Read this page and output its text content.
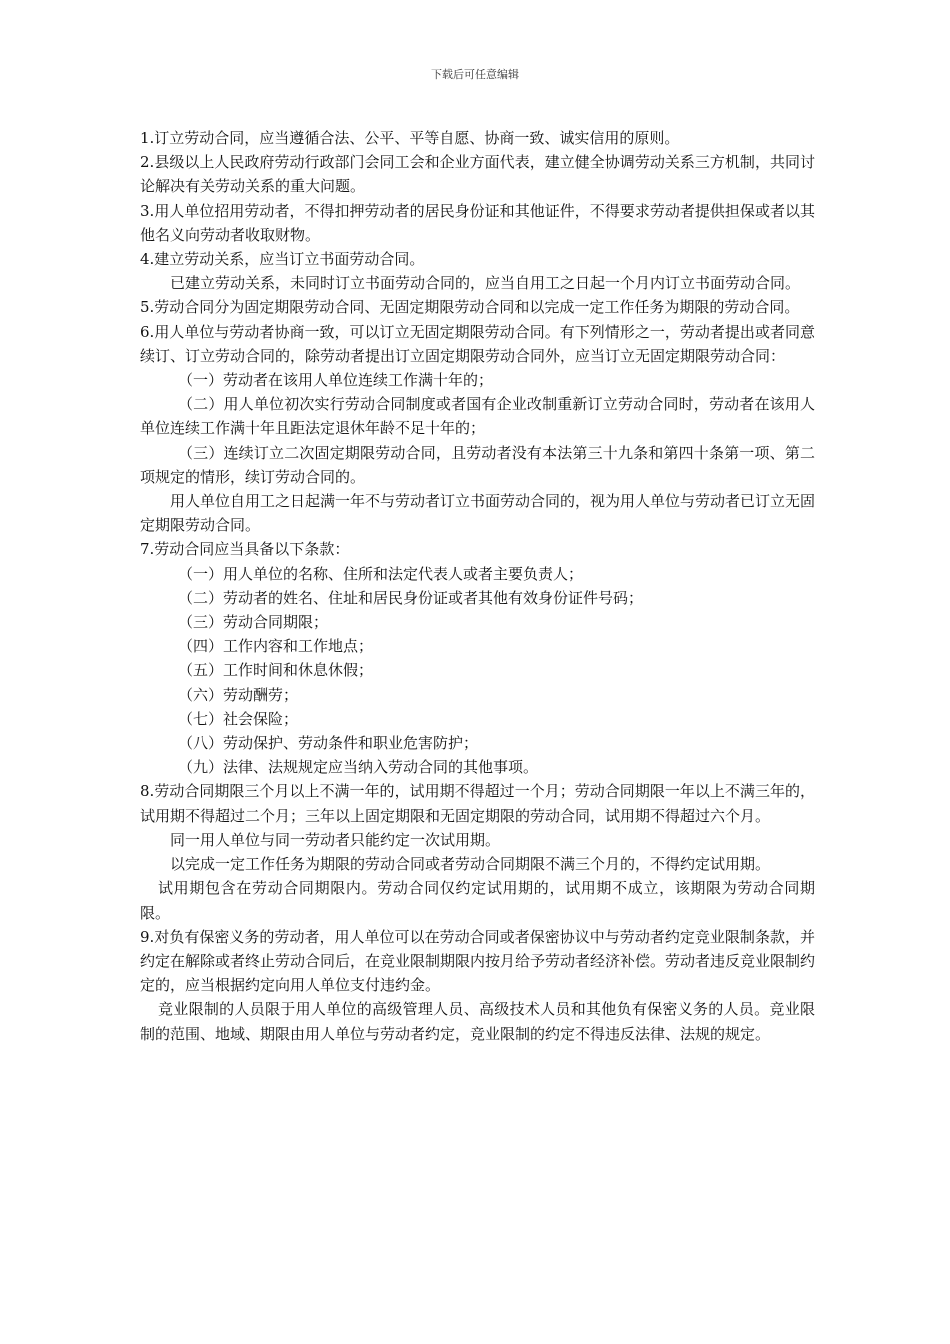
下载后可任意编辑

1.订立劳动合同，应当遵循合法、公平、平等自愿、协商一致、诚实信用的原则。

2.县级以上人民政府劳动行政部门会同工会和企业方面代表，建立健全协调劳动关系三方机制，共同讨论解决有关劳动关系的重大问题。

3.用人单位招用劳动者，不得扣押劳动者的居民身份证和其他证件，不得要求劳动者提供担保或者以其他名义向劳动者收取财物。

4.建立劳动关系，应当订立书面劳动合同。

已建立劳动关系，未同时订立书面劳动合同的，应当自用工之日起一个月内订立书面劳动合同。

5.劳动合同分为固定期限劳动合同、无固定期限劳动合同和以完成一定工作任务为期限的劳动合同。

6.用人单位与劳动者协商一致，可以订立无固定期限劳动合同。有下列情形之一，劳动者提出或者同意续订、订立劳动合同的，除劳动者提出订立固定期限劳动合同外，应当订立无固定期限劳动合同：

（一）劳动者在该用人单位连续工作满十年的；

（二）用人单位初次实行劳动合同制度或者国有企业改制重新订立劳动合同时，劳动者在该用人单位连续工作满十年且距法定退休年龄不足十年的；

（三）连续订立二次固定期限劳动合同，且劳动者没有本法第三十九条和第四十条第一项、第二项规定的情形，续订劳动合同的。

用人单位自用工之日起满一年不与劳动者订立书面劳动合同的，视为用人单位与劳动者已订立无固定期限劳动合同。

7.劳动合同应当具备以下条款：

（一）用人单位的名称、住所和法定代表人或者主要负责人；

（二）劳动者的姓名、住址和居民身份证或者其他有效身份证件号码；

（三）劳动合同期限；

（四）工作内容和工作地点；

（五）工作时间和休息休假；

（六）劳动酬劳；

（七）社会保险；

（八）劳动保护、劳动条件和职业危害防护；

（九）法律、法规规定应当纳入劳动合同的其他事项。

8.劳动合同期限三个月以上不满一年的，试用期不得超过一个月；劳动合同期限一年以上不满三年的，试用期不得超过二个月；三年以上固定期限和无固定期限的劳动合同，试用期不得超过六个月。

同一用人单位与同一劳动者只能约定一次试用期。

以完成一定工作任务为期限的劳动合同或者劳动合同期限不满三个月的，不得约定试用期。

试用期包含在劳动合同期限内。劳动合同仅约定试用期的，试用期不成立，该期限为劳动合同期限。

9.对负有保密义务的劳动者，用人单位可以在劳动合同或者保密协议中与劳动者约定竞业限制条款，并约定在解除或者终止劳动合同后，在竞业限制期限内按月给予劳动者经济补偿。劳动者违反竞业限制约定的，应当根据约定向用人单位支付违约金。

竞业限制的人员限于用人单位的高级管理人员、高级技术人员和其他负有保密义务的人员。竞业限制的范围、地域、期限由用人单位与劳动者约定，竞业限制的约定不得违反法律、法规的规定。
